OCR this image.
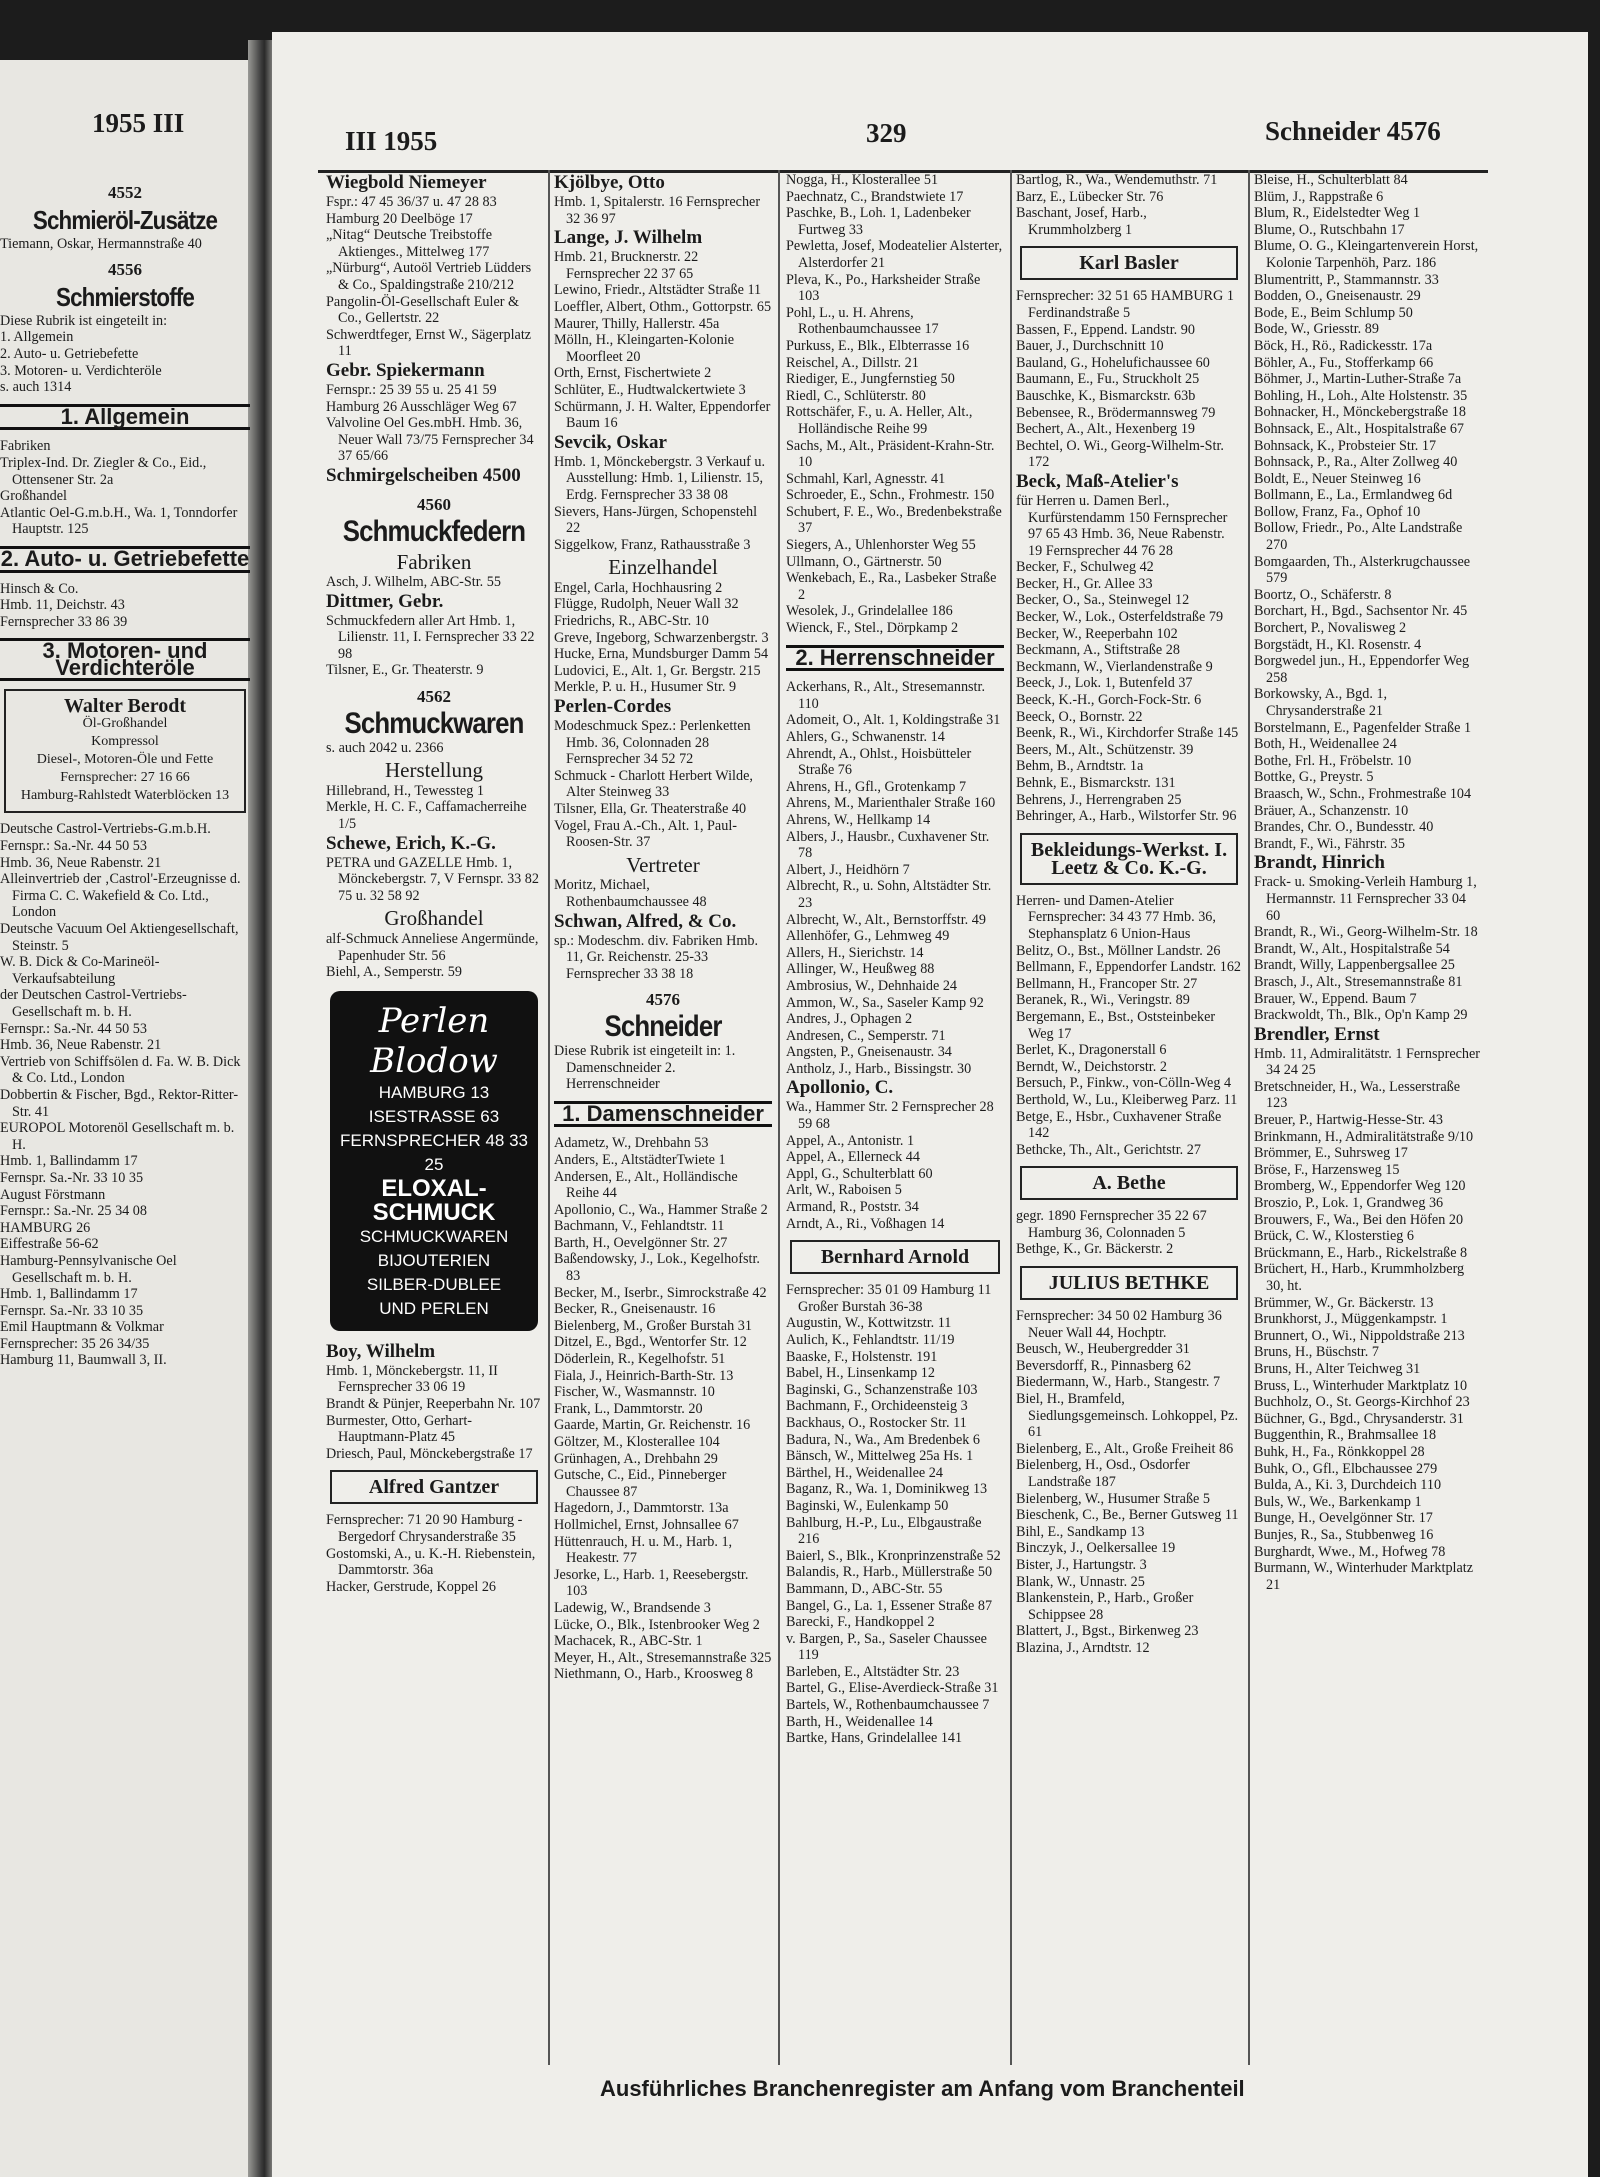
1955 III
III 1955	329	Schneider 4576
4552
Schmieröl-Zusätze

Tiemann, Oskar, Hermannstraße 40

4556
Schmierstoffe

Diese Rubrik ist eingeteilt in:

1. Allgemein

2. Auto- u. Getriebefette

3. Motoren- u. Verdichteröle

s. auch 1314

1. Allgemein

Fabriken

Triplex-Ind. Dr. Ziegler & Co., Eid., Ottensener Str. 2a

Großhandel

Atlantic Oel-G.m.b.H., Wa. 1, Tonndorfer Hauptstr. 125

2. Auto- u. Getriebefette

Hinsch & Co.

Hmb. 11, Deichstr. 43

Fernsprecher 33 86 39

3. Motoren- und Verdichteröle
Walter Berodt
Öl-Großhandel
Kompressol
Diesel-, Motoren-Öle und Fette
Fernsprecher: 27 16 66
Hamburg-Rahlstedt Waterblöcken 13

Deutsche Castrol-Vertriebs-G.m.b.H.

Fernspr.: Sa.-Nr. 44 50 53

Hmb. 36, Neue Rabenstr. 21

Alleinvertrieb der ‚Castrol'-Erzeugnisse d. Firma C. C. Wakefield & Co. Ltd., London

Deutsche Vacuum Oel Aktiengesellschaft, Steinstr. 5

W. B. Dick & Co-Marineöl-Verkaufsabteilung

der Deutschen Castrol-Vertriebs-Gesellschaft m. b. H.

Fernspr.: Sa.-Nr. 44 50 53

Hmb. 36, Neue Rabenstr. 21

Vertrieb von Schiffsölen d. Fa. W. B. Dick & Co. Ltd., London

Dobbertin & Fischer, Bgd., Rektor-Ritter-Str. 41

EUROPOL Motorenöl Gesellschaft m. b. H.

Hmb. 1, Ballindamm 17

Fernspr. Sa.-Nr. 33 10 35

August Förstmann

Fernspr.: Sa.-Nr. 25 34 08

HAMBURG 26

Eiffestraße 56-62

Hamburg-Pennsylvanische Oel Gesellschaft m. b. H.

Hmb. 1, Ballindamm 17

Fernspr. Sa.-Nr. 33 10 35

Emil Hauptmann & Volkmar

Fernsprecher: 35 26 34/35

Hamburg 11, Baumwall 3, II.

Wiegbold Niemeyer

Fspr.: 47 45 36/37 u. 47 28 83

Hamburg 20 Deelböge 17

„Nitag“ Deutsche Treibstoffe Aktienges., Mittelweg 177

„Nürburg“, Autoöl Vertrieb Lüdders & Co., Spaldingstraße 210/212

Pangolin-Öl-Gesellschaft Euler & Co., Gellertstr. 22

Schwerdtfeger, Ernst W., Sägerplatz 11

Gebr. Spiekermann

Fernspr.: 25 39 55 u. 25 41 59

Hamburg 26 Ausschläger Weg 67

Valvoline Oel Ges.mbH. Hmb. 36, Neuer Wall 73/75 Fernsprecher 34 37 65/66

Schmirgelscheiben 4500

4560
Schmuckfedern
Fabriken

Asch, J. Wilhelm, ABC-Str. 55

Dittmer, Gebr.

Schmuckfedern aller Art Hmb. 1, Lilienstr. 11, I. Fernsprecher 33 22 98

Tilsner, E., Gr. Theaterstr. 9

4562
Schmuckwaren

s. auch 2042 u. 2366

Herstellung

Hillebrand, H., Tewessteg 1

Merkle, H. C. F., Caffamacherreihe 1/5

Schewe, Erich, K.-G.

PETRA und GAZELLE Hmb. 1, Mönckebergstr. 7, V Fernspr. 33 82 75 u. 32 58 92

Großhandel

alf-Schmuck Anneliese Angermünde, Papenhuder Str. 56

Biehl, A., Semperstr. 59

Perlen Blodow
HAMBURG 13
ISESTRASSE 63
FERNSPRECHER 48 33 25
ELOXAL-SCHMUCK
SCHMUCKWAREN
BIJOUTERIEN
SILBER-DUBLEE
UND PERLEN

Boy, Wilhelm

Hmb. 1, Mönckebergstr. 11, II Fernsprecher 33 06 19

Brandt & Pünjer, Reeperbahn Nr. 107

Burmester, Otto, Gerhart-Hauptmann-Platz 45

Driesch, Paul, Mönckebergstraße 17

Alfred Gantzer

Fernsprecher: 71 20 90 Hamburg - Bergedorf Chrysanderstraße 35

Gostomski, A., u. K.-H. Riebenstein, Dammtorstr. 36a

Hacker, Gerstrude, Koppel 26

Kjölbye, Otto

Hmb. 1, Spitalerstr. 16 Fernsprecher 32 36 97

Lange, J. Wilhelm

Hmb. 21, Brucknerstr. 22 Fernsprecher 22 37 65

Lewino, Friedr., Altstädter Straße 11

Loeffler, Albert, Othm., Gottorpstr. 65

Maurer, Thilly, Hallerstr. 45a

Mölln, H., Kleingarten-Kolonie Moorfleet 20

Orth, Ernst, Fischertwiete 2

Schlüter, E., Hudtwalckertwiete 3

Schürmann, J. H. Walter, Eppendorfer Baum 16

Sevcik, Oskar

Hmb. 1, Mönckebergstr. 3 Verkauf u. Ausstellung: Hmb. 1, Lilienstr. 15, Erdg. Fernsprecher 33 38 08

Sievers, Hans-Jürgen, Schopenstehl 22

Siggelkow, Franz, Rathausstraße 3

Einzelhandel

Engel, Carla, Hochhausring 2

Flügge, Rudolph, Neuer Wall 32

Friedrichs, R., ABC-Str. 10

Greve, Ingeborg, Schwarzenbergstr. 3

Hucke, Erna, Mundsburger Damm 54

Ludovici, E., Alt. 1, Gr. Bergstr. 215

Merkle, P. u. H., Husumer Str. 9

Perlen-Cordes

Modeschmuck Spez.: Perlenketten Hmb. 36, Colonnaden 28 Fernsprecher 34 52 72

Schmuck - Charlott Herbert Wilde, Alter Steinweg 33

Tilsner, Ella, Gr. Theaterstraße 40

Vogel, Frau A.-Ch., Alt. 1, Paul-Roosen-Str. 37

Vertreter

Moritz, Michael, Rothenbaumchaussee 48

Schwan, Alfred, & Co.

sp.: Modeschm. div. Fabriken Hmb. 11, Gr. Reichenstr. 25-33 Fernsprecher 33 38 18

4576
Schneider

Diese Rubrik ist eingeteilt in: 1. Damenschneider 2. Herrenschneider

1. Damenschneider

Adametz, W., Drehbahn 53

Anders, E., AltstädterTwiete 1

Andersen, E., Alt., Holländische Reihe 44

Apollonio, C., Wa., Hammer Straße 2

Bachmann, V., Fehlandtstr. 11

Barth, H., Oevelgönner Str. 27

Baßendowsky, J., Lok., Kegelhofstr. 83

Becker, M., Iserbr., Simrockstraße 42

Becker, R., Gneisenaustr. 16

Bielenberg, M., Großer Burstah 31

Ditzel, E., Bgd., Wentorfer Str. 12

Döderlein, R., Kegelhofstr. 51

Fiala, J., Heinrich-Barth-Str. 13

Fischer, W., Wasmannstr. 10

Frank, L., Dammtorstr. 20

Gaarde, Martin, Gr. Reichenstr. 16

Göltzer, M., Klosterallee 104

Grünhagen, A., Drehbahn 29

Gutsche, C., Eid., Pinneberger Chaussee 87

Hagedorn, J., Dammtorstr. 13a

Hollmichel, Ernst, Johnsallee 67

Hüttenrauch, H. u. M., Harb. 1, Heakestr. 77

Jesorke, L., Harb. 1, Reesebergstr. 103

Ladewig, W., Brandsende 3

Lücke, O., Blk., Istenbrooker Weg 2

Machacek, R., ABC-Str. 1

Meyer, H., Alt., Stresemannstraße 325

Niethmann, O., Harb., Kroosweg 8

Nogga, H., Klosterallee 51

Paechnatz, C., Brandstwiete 17

Paschke, B., Loh. 1, Ladenbeker Furtweg 33

Pewletta, Josef, Modeatelier Alsterter, Alsterdorfer 21

Pleva, K., Po., Harksheider Straße 103

Pohl, L., u. H. Ahrens, Rothenbaumchaussee 17

Purkuss, E., Blk., Elbterrasse 16

Reischel, A., Dillstr. 21

Riediger, E., Jungfernstieg 50

Riedl, C., Schlüterstr. 80

Rottschäfer, F., u. A. Heller, Alt., Holländische Reihe 99

Sachs, M., Alt., Präsident-Krahn-Str. 10

Schmahl, Karl, Agnesstr. 41

Schroeder, E., Schn., Frohmestr. 150

Schubert, F. E., Wo., Bredenbekstraße 37

Siegers, A., Uhlenhorster Weg 55

Ullmann, O., Gärtnerstr. 50

Wenkebach, E., Ra., Lasbeker Straße 2

Wesolek, J., Grindelallee 186

Wienck, F., Stel., Dörpkamp 2

2. Herrenschneider

Ackerhans, R., Alt., Stresemannstr. 110

Adomeit, O., Alt. 1, Koldingstraße 31

Ahlers, G., Schwanenstr. 14

Ahrendt, A., Ohlst., Hoisbütteler Straße 76

Ahrens, H., Gfl., Grotenkamp 7

Ahrens, M., Marienthaler Straße 160

Ahrens, W., Hellkamp 14

Albers, J., Hausbr., Cuxhavener Str. 78

Albert, J., Heidhörn 7

Albrecht, R., u. Sohn, Altstädter Str. 23

Albrecht, W., Alt., Bernstorffstr. 49

Allenhöfer, G., Lehmweg 49

Allers, H., Sierichstr. 14

Allinger, W., Heußweg 88

Ambrosius, W., Dehnhaide 24

Ammon, W., Sa., Saseler Kamp 92

Andres, J., Ophagen 2

Andresen, C., Semperstr. 71

Angsten, P., Gneisenaustr. 34

Antholz, J., Harb., Bissingstr. 30

Apollonio, C.

Wa., Hammer Str. 2 Fernsprecher 28 59 68

Appel, A., Antonistr. 1

Appel, A., Ellerneck 44

Appl, G., Schulterblatt 60

Arlt, W., Raboisen 5

Armand, R., Poststr. 34

Arndt, A., Ri., Voßhagen 14

Bernhard Arnold

Fernsprecher: 35 01 09 Hamburg 11 Großer Burstah 36-38

Augustin, W., Kottwitzstr. 11

Aulich, K., Fehlandtstr. 11/19

Baaske, F., Holstenstr. 191

Babel, H., Linsenkamp 12

Baginski, G., Schanzenstraße 103

Bachmann, F., Orchideensteig 3

Backhaus, O., Rostocker Str. 11

Badura, N., Wa., Am Bredenbek 6

Bänsch, W., Mittelweg 25a Hs. 1

Bärthel, H., Weidenallee 24

Baganz, R., Wa. 1, Dominikweg 13

Baginski, W., Eulenkamp 50

Bahlburg, H.-P., Lu., Elbgaustraße 216

Baierl, S., Blk., Kronprinzenstraße 52

Balandis, R., Harb., Müllerstraße 50

Bammann, D., ABC-Str. 55

Bangel, G., La. 1, Essener Straße 87

Barecki, F., Handkoppel 2

v. Bargen, P., Sa., Saseler Chaussee 119

Barleben, E., Altstädter Str. 23

Bartel, G., Elise-Averdieck-Straße 31

Bartels, W., Rothenbaumchaussee 7

Barth, H., Weidenallee 14

Bartke, Hans, Grindelallee 141

Bartlog, R., Wa., Wendemuthstr. 71

Barz, E., Lübecker Str. 76

Baschant, Josef, Harb., Krummholzberg 1

Karl Basler

Fernsprecher: 32 51 65 HAMBURG 1 Ferdinandstraße 5

Bassen, F., Eppend. Landstr. 90

Bauer, J., Durchschnitt 10

Bauland, G., Hohelufichaussee 60

Baumann, E., Fu., Struckholt 25

Bauschke, K., Bismarckstr. 63b

Bebensee, R., Brödermannsweg 79

Bechert, A., Alt., Hexenberg 19

Bechtel, O. Wi., Georg-Wilhelm-Str. 172

Beck, Maß-Atelier's

für Herren u. Damen Berl., Kurfürstendamm 150 Fernsprecher 97 65 43 Hmb. 36, Neue Rabenstr. 19 Fernsprecher 44 76 28

Becker, F., Schulweg 42

Becker, H., Gr. Allee 33

Becker, O., Sa., Steinwegel 12

Becker, W., Lok., Osterfeldstraße 79

Becker, W., Reeperbahn 102

Beckmann, A., Stiftstraße 28

Beckmann, W., Vierlandenstraße 9

Beeck, J., Lok. 1, Butenfeld 37

Beeck, K.-H., Gorch-Fock-Str. 6

Beeck, O., Bornstr. 22

Beenk, R., Wi., Kirchdorfer Straße 145

Beers, M., Alt., Schützenstr. 39

Behm, B., Arndtstr. 1a

Behnk, E., Bismarckstr. 131

Behrens, J., Herrengraben 25

Behringer, A., Harb., Wilstorfer Str. 96

Bekleidungs-Werkst. I. Leetz & Co. K.-G.

Herren- und Damen-Atelier Fernsprecher: 34 43 77 Hmb. 36, Stephansplatz 6 Union-Haus

Belitz, O., Bst., Möllner Landstr. 26

Bellmann, F., Eppendorfer Landstr. 162

Bellmann, H., Francoper Str. 27

Beranek, R., Wi., Veringstr. 89

Bergemann, E., Bst., Oststeinbeker Weg 17

Berlet, K., Dragonerstall 6

Berndt, W., Deichstorstr. 2

Bersuch, P., Finkw., von-Cölln-Weg 4

Berthold, W., Lu., Kleiberweg Parz. 11

Betge, E., Hsbr., Cuxhavener Straße 142

Bethcke, Th., Alt., Gerichtstr. 27

A. Bethe

gegr. 1890 Fernsprecher 35 22 67 Hamburg 36, Colonnaden 5

Bethge, K., Gr. Bäckerstr. 2

JULIUS BETHKE

Fernsprecher: 34 50 02 Hamburg 36 Neuer Wall 44, Hochptr.

Beusch, W., Heubergredder 31

Beversdorff, R., Pinnasberg 62

Biedermann, W., Harb., Stangestr. 7

Biel, H., Bramfeld, Siedlungsgemeinsch. Lohkoppel, Pz. 61

Bielenberg, E., Alt., Große Freiheit 86

Bielenberg, H., Osd., Osdorfer Landstraße 187

Bielenberg, W., Husumer Straße 5

Bieschenk, C., Be., Berner Gutsweg 11

Bihl, E., Sandkamp 13

Binczyk, J., Oelkersallee 19

Bister, J., Hartungstr. 3

Blank, W., Unnastr. 25

Blankenstein, P., Harb., Großer Schippsee 28

Blattert, J., Bgst., Birkenweg 23

Blazina, J., Arndtstr. 12

Bleise, H., Schulterblatt 84

Blüm, J., Rappstraße 6

Blum, R., Eidelstedter Weg 1

Blume, O., Rutschbahn 17

Blume, O. G., Kleingartenverein Horst, Kolonie Tarpenhöh, Parz. 186

Blumentritt, P., Stammannstr. 33

Bodden, O., Gneisenaustr. 29

Bode, E., Beim Schlump 50

Bode, W., Griesstr. 89

Böck, H., Rö., Radickesstr. 17a

Böhler, A., Fu., Stofferkamp 66

Böhmer, J., Martin-Luther-Straße 7a

Bohling, H., Loh., Alte Holstenstr. 35

Bohnacker, H., Mönckebergstraße 18

Bohnsack, E., Alt., Hospitalstraße 67

Bohnsack, K., Probsteier Str. 17

Bohnsack, P., Ra., Alter Zollweg 40

Boldt, E., Neuer Steinweg 16

Bollmann, E., La., Ermlandweg 6d

Bollow, Franz, Fa., Ophof 10

Bollow, Friedr., Po., Alte Landstraße 270

Bomgaarden, Th., Alsterkrugchaussee 579

Boortz, O., Schäferstr. 8

Borchart, H., Bgd., Sachsentor Nr. 45

Borchert, P., Novalisweg 2

Borgstädt, H., Kl. Rosenstr. 4

Borgwedel jun., H., Eppendorfer Weg 258

Borkowsky, A., Bgd. 1, Chrysanderstraße 21

Borstelmann, E., Pagenfelder Straße 1

Both, H., Weidenallee 24

Bothe, Frl. H., Fröbelstr. 10

Bottke, G., Preystr. 5

Braasch, W., Schn., Frohmestraße 104

Bräuer, A., Schanzenstr. 10

Brandes, Chr. O., Bundesstr. 40

Brandt, F., Wi., Fährstr. 35

Brandt, Hinrich

Frack- u. Smoking-Verleih Hamburg 1, Hermannstr. 11 Fernsprecher 33 04 60

Brandt, R., Wi., Georg-Wilhelm-Str. 18

Brandt, W., Alt., Hospitalstraße 54

Brandt, Willy, Lappenbergsallee 25

Brasch, J., Alt., Stresemannstraße 81

Brauer, W., Eppend. Baum 7

Brackwoldt, Th., Blk., Op'n Kamp 29

Brendler, Ernst

Hmb. 11, Admiralitätstr. 1 Fernsprecher 34 24 25

Bretschneider, H., Wa., Lesserstraße 123

Breuer, P., Hartwig-Hesse-Str. 43

Brinkmann, H., Admiralitätstraße 9/10

Brömmer, E., Suhrsweg 17

Bröse, F., Harzensweg 15

Bromberg, W., Eppendorfer Weg 120

Broszio, P., Lok. 1, Grandweg 36

Brouwers, F., Wa., Bei den Höfen 20

Brück, C. W., Klosterstieg 6

Brückmann, E., Harb., Rickelstraße 8

Brüchert, H., Harb., Krummholzberg 30, ht.

Brümmer, W., Gr. Bäckerstr. 13

Brunkhorst, J., Müggenkampstr. 1

Brunnert, O., Wi., Nippoldstraße 213

Bruns, H., Büschstr. 7

Bruns, H., Alter Teichweg 31

Bruss, L., Winterhuder Marktplatz 10

Buchholz, O., St. Georgs-Kirchhof 23

Büchner, G., Bgd., Chrysanderstr. 31

Buggenthin, R., Brahmsallee 18

Buhk, H., Fa., Rönkkoppel 28

Buhk, O., Gfl., Elbchaussee 279

Bulda, A., Ki. 3, Durchdeich 110

Buls, W., We., Barkenkamp 1

Bunge, H., Oevelgönner Str. 17

Bunjes, R., Sa., Stubbenweg 16

Burghardt, Wwe., M., Hofweg 78

Burmann, W., Winterhuder Marktplatz 21

Ausführliches Branchenregister am Anfang vom Branchenteil
